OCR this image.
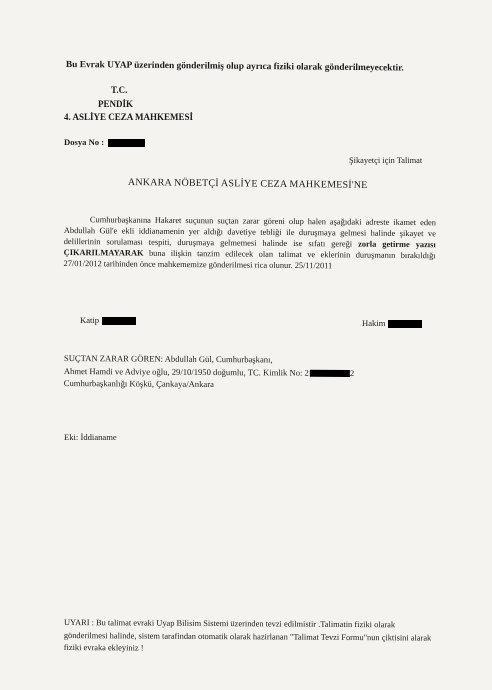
Bu Evrak UYAP üzerinden gönderilmiş olup ayrıca fiziki olarak gönderilmeyecektir.
T.C.
PENDİK
4. ASLİYE CEZA MAHKEMESİ
Dosya No :
Şikayetçi için Talimat
ANKARA NÖBETÇİ ASLİYE CEZA MAHKEMESİ'NE

Cumhurbaşkanına Hakaret suçunun suçtan zarar göreni olup halen aşağıdaki adreste ikamet eden Abdullah Gül'e ekli iddianamenin yer aldığı davetiye tebliği ile duruşmaya gelmesi halinde şikayet ve delillerinin sorulaması tespiti, duruşmaya gelmemesi halinde ise sıfatı gereği zorla getirme yazısı ÇIKARILMAYARAK buna ilişkin tanzim edilecek olan talimat ve eklerinin duruşmanın bırakıldığı 27/01/2012 tarihinden önce mahkememize gönderilmesi rica olunur. 25/11/2011

Katip	Hakim
SUÇTAN ZARAR GÖREN: Abdullah Gül, Cumhurbaşkanı,
Ahmet Hamdi ve Adviye oğlu, 29/10/1950 doğumlu, TC. Kimlik No: 2	2
Cumhurbaşkanlığı Köşkü, Çankaya/Ankara
Eki: İddianame
UYARI : Bu talimat evraki Uyap Bilisim Sistemi üzerinden tevzi edilmistir .Talimatin fiziki olarak gönderilmesi halinde, sistem tarafindan otomatik olarak hazirlanan "Talimat Tevzi Formu"nun çiktisini alarak fiziki evraka ekleyiniz !
